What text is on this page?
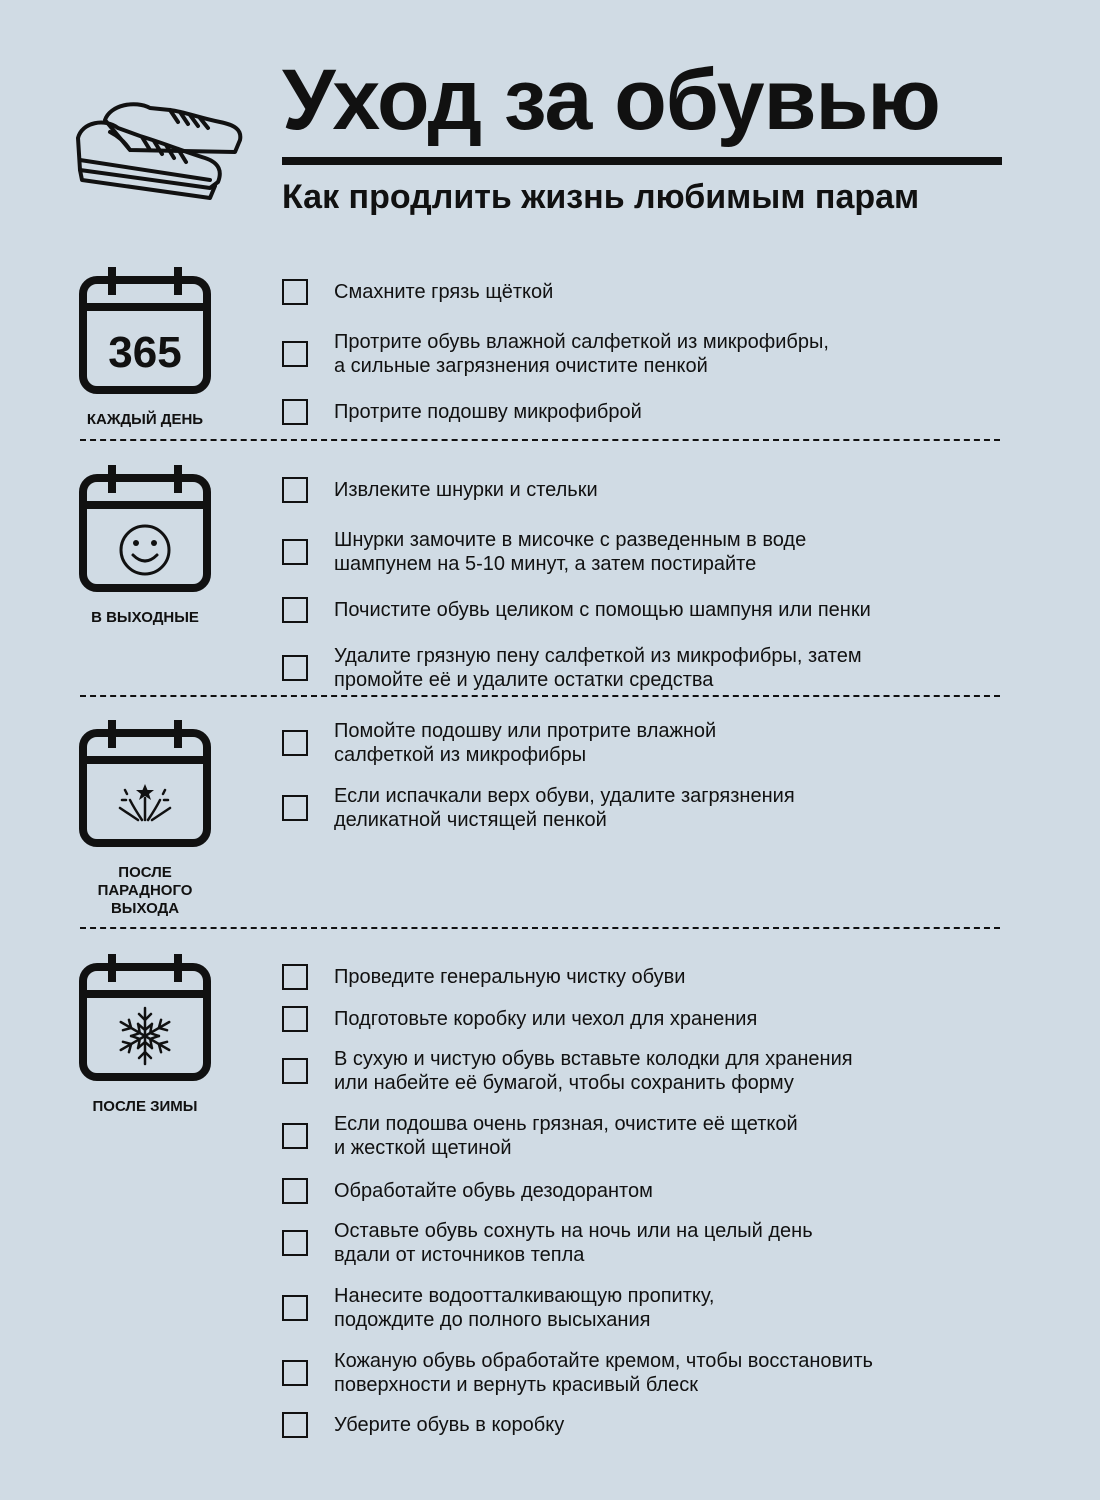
Уход за обувью
Как продлить жизнь любимым парам
365
КАЖДЫЙ ДЕНЬ
Смахните грязь щёткой
Протрите обувь влажной салфеткой из микрофибры,
а сильные загрязнения очистите пенкой
Протрите подошву микрофиброй
В ВЫХОДНЫЕ
Извлеките шнурки и стельки
Шнурки замочите в мисочке с разведенным в воде
шампунем на 5-10 минут, а затем постирайте
Почистите обувь целиком с помощью шампуня или пенки
Удалите грязную пену салфеткой из микрофибры, затем
промойте её и удалите остатки средства
ПОСЛЕ
ПАРАДНОГО
ВЫХОДА
Помойте подошву или протрите влажной
салфеткой из микрофибры
Если испачкали верх обуви, удалите загрязнения
деликатной чистящей пенкой
ПОСЛЕ ЗИМЫ
Проведите генеральную чистку обуви
Подготовьте коробку или чехол для хранения
В сухую и чистую обувь вставьте колодки для хранения
или набейте её бумагой, чтобы сохранить форму
Если подошва очень грязная, очистите её щеткой
и жесткой щетиной
Обработайте обувь дезодорантом
Оставьте обувь сохнуть на ночь или на целый день
вдали от источников тепла
Нанесите водоотталкивающую пропитку,
подождите до полного высыхания
Кожаную обувь обработайте кремом, чтобы восстановить
поверхности и вернуть красивый блеск
Уберите обувь в коробку
